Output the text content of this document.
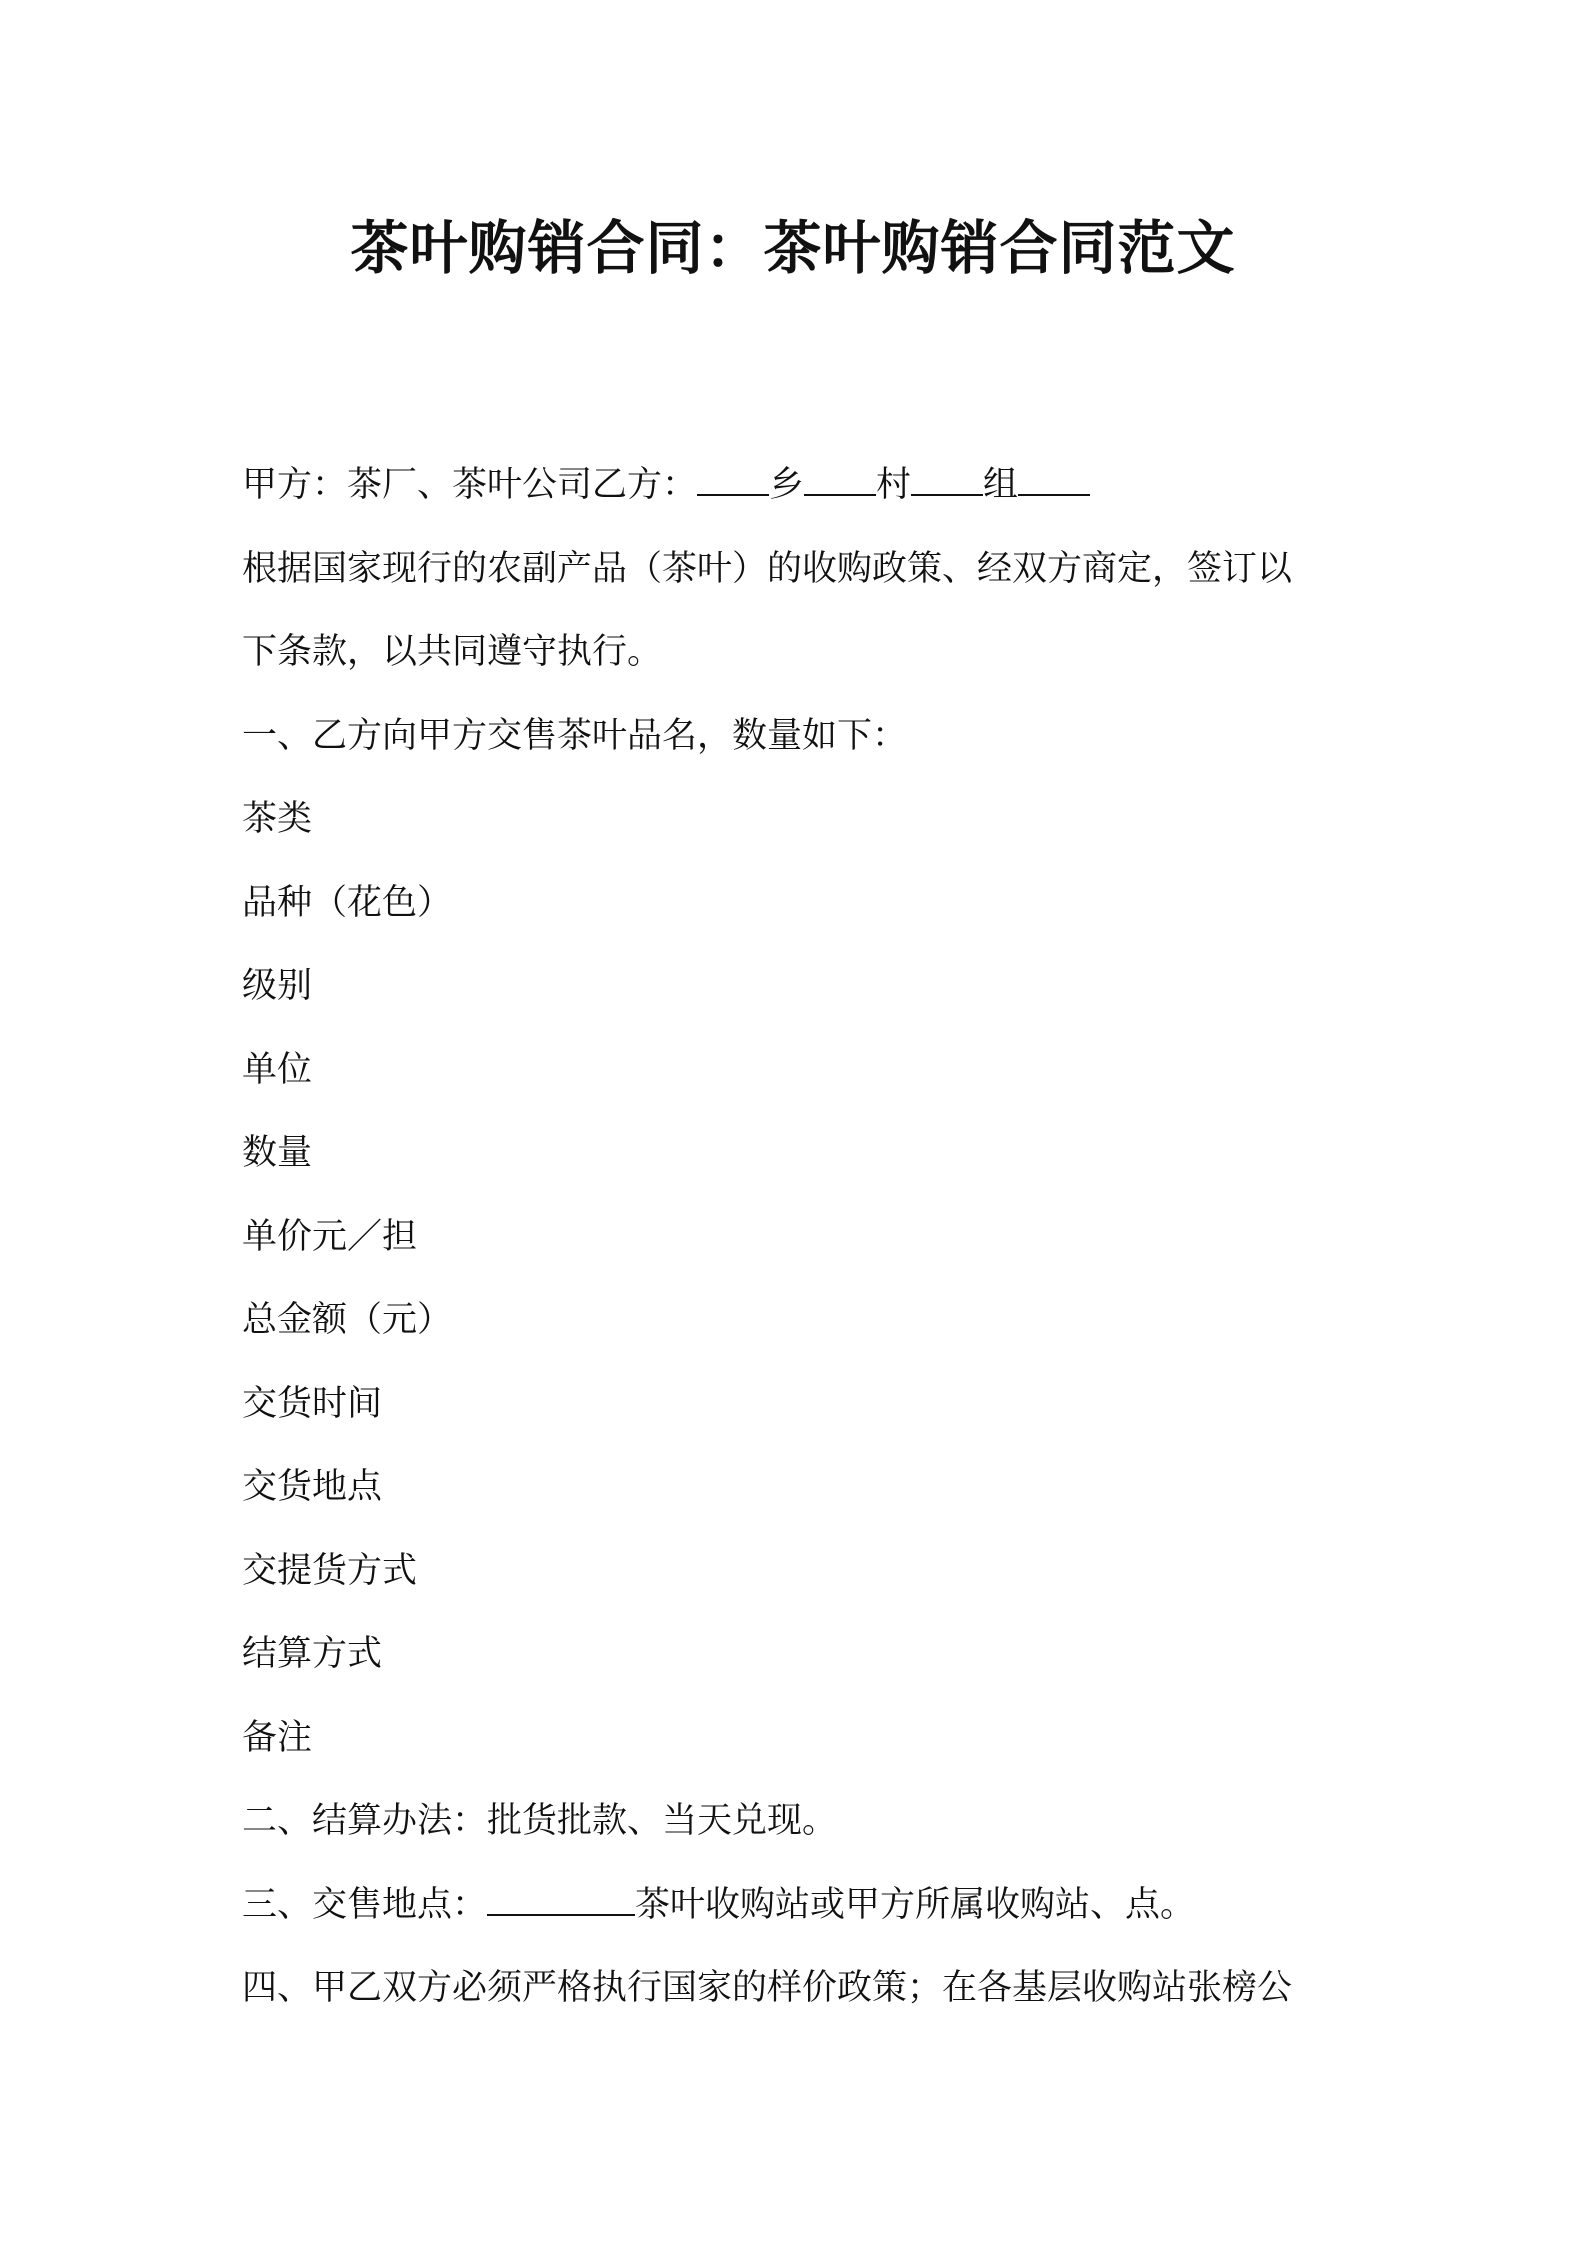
茶叶购销合同：茶叶购销合同范文
甲方：茶厂、茶叶公司乙方： 乡 村 组
根据国家现行的农副产品（茶叶）的收购政策、经双方商定，签订以
下条款，以共同遵守执行。
一、乙方向甲方交售茶叶品名，数量如下：
茶类
品种（花色）
级别
单位
数量
单价元／担
总金额（元）
交货时间
交货地点
交提货方式
结算方式
备注
二、结算办法：批货批款、当天兑现。
三、交售地点：	茶叶收购站或甲方所属收购站、点。
四、甲乙双方必须严格执行国家的样价政策；在各基层收购站张榜公
